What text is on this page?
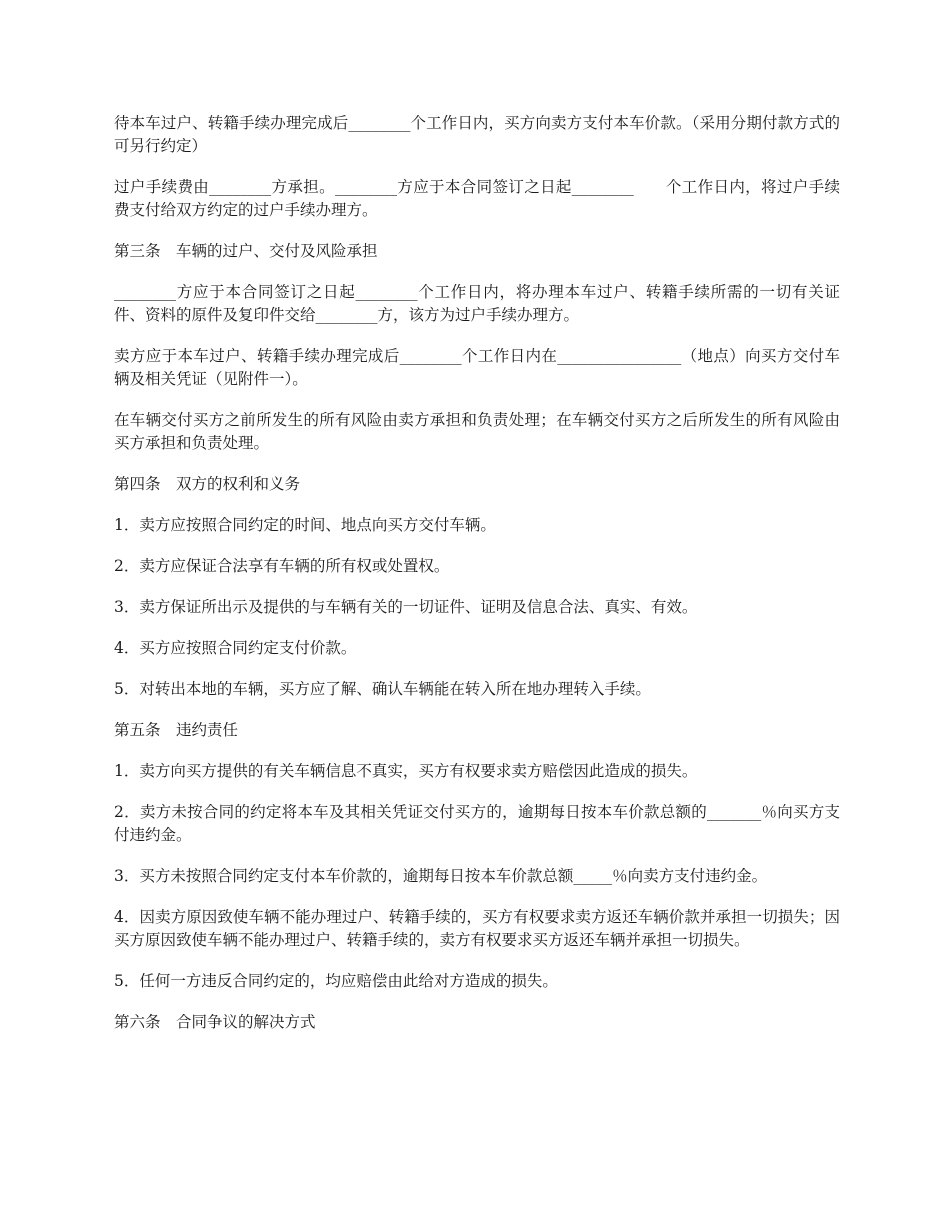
待本车过户、转籍手续办理完成后________个工作日内，买方向卖方支付本车价款。（采用分期付款方式的可另行约定）

过户手续费由________方承担。________方应于本合同签订之日起________　　个工作日内，将过户手续费支付给双方约定的过户手续办理方。

第三条　车辆的过户、交付及风险承担

________方应于本合同签订之日起________个工作日内，将办理本车过户、转籍手续所需的一切有关证件、资料的原件及复印件交给________方，该方为过户手续办理方。

卖方应于本车过户、转籍手续办理完成后________个工作日内在________________（地点）向买方交付车辆及相关凭证（见附件一）。

在车辆交付买方之前所发生的所有风险由卖方承担和负责处理；在车辆交付买方之后所发生的所有风险由买方承担和负责处理。

第四条　双方的权利和义务

1．卖方应按照合同约定的时间、地点向买方交付车辆。

2．卖方应保证合法享有车辆的所有权或处置权。

3．卖方保证所出示及提供的与车辆有关的一切证件、证明及信息合法、真实、有效。

4．买方应按照合同约定支付价款。

5．对转出本地的车辆，买方应了解、确认车辆能在转入所在地办理转入手续。

第五条　违约责任

1．卖方向买方提供的有关车辆信息不真实，买方有权要求卖方赔偿因此造成的损失。

2．卖方未按合同的约定将本车及其相关凭证交付买方的，逾期每日按本车价款总额的_______％向买方支付违约金。

3．买方未按照合同约定支付本车价款的，逾期每日按本车价款总额_____％向卖方支付违约金。

4．因卖方原因致使车辆不能办理过户、转籍手续的，买方有权要求卖方返还车辆价款并承担一切损失；因买方原因致使车辆不能办理过户、转籍手续的，卖方有权要求买方返还车辆并承担一切损失。

5．任何一方违反合同约定的，均应赔偿由此给对方造成的损失。

第六条　合同争议的解决方式
